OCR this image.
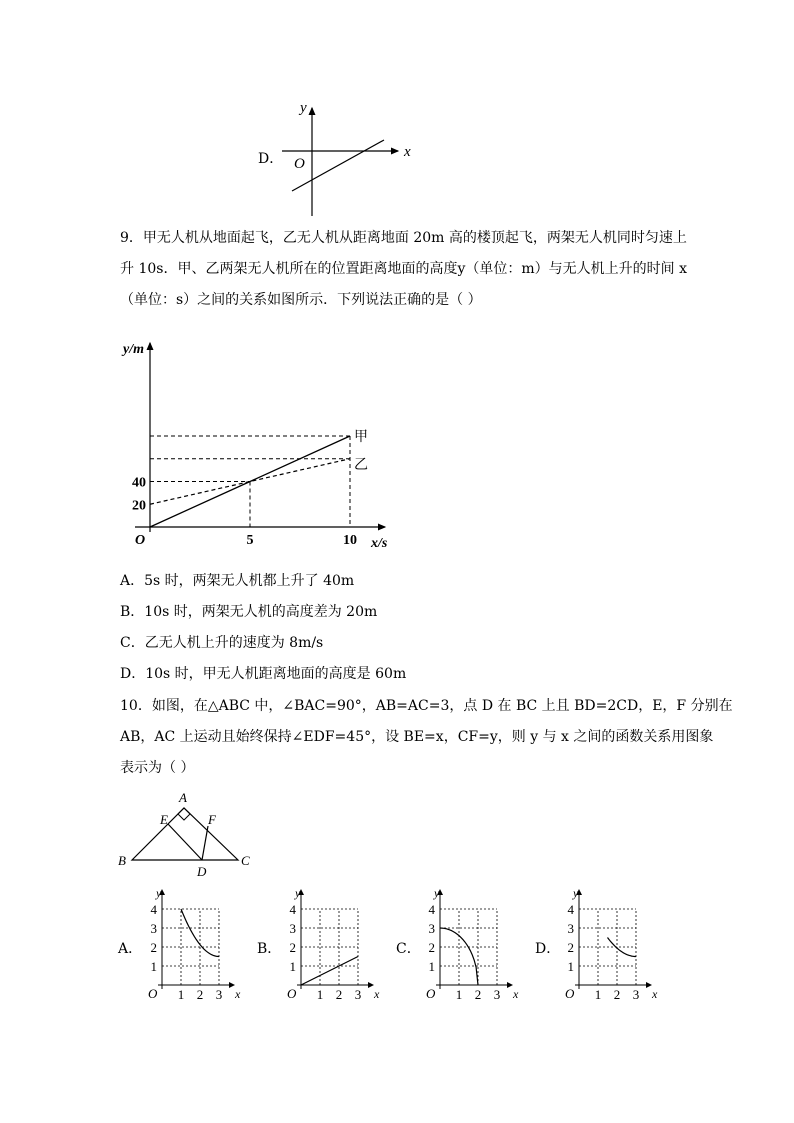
D．
y
x
O
9．甲无人机从地面起飞，乙无人机从距离地面 20m 高的楼顶起飞，两架无人机同时匀速上
升 10s．甲、乙两架无人机所在的位置距离地面的高度y（单位：m）与无人机上升的时间 x
（单位：s）之间的关系如图所示．下列说法正确的是（ ）
甲
乙
5	10
20
40
y/m
x/s
O
A．5s 时，两架无人机都上升了 40m
B．10s 时，两架无人机的高度差为 20m
C．乙无人机上升的速度为 8m/s
D．10s 时，甲无人机距离地面的高度是 60m
10．如图，在△ABC 中，∠BAC=90°，AB=AC=3，点 D 在 BC 上且 BD=2CD，E，F 分别在
AB，AC 上运动且始终保持∠EDF=45°，设 BE=x，CF=y，则 y 与 x 之间的函数关系用图象
表示为（ ）
A
B	C
D
E	F
A．
y
x
O 1 2 3
1
2
3
4
B．
y
x
O 1 2 3
1
2
3
4
C．
y
x
O 1 2 3
1
2
3
4
D．
y
x
O 1 2 3
1
2
3
4
